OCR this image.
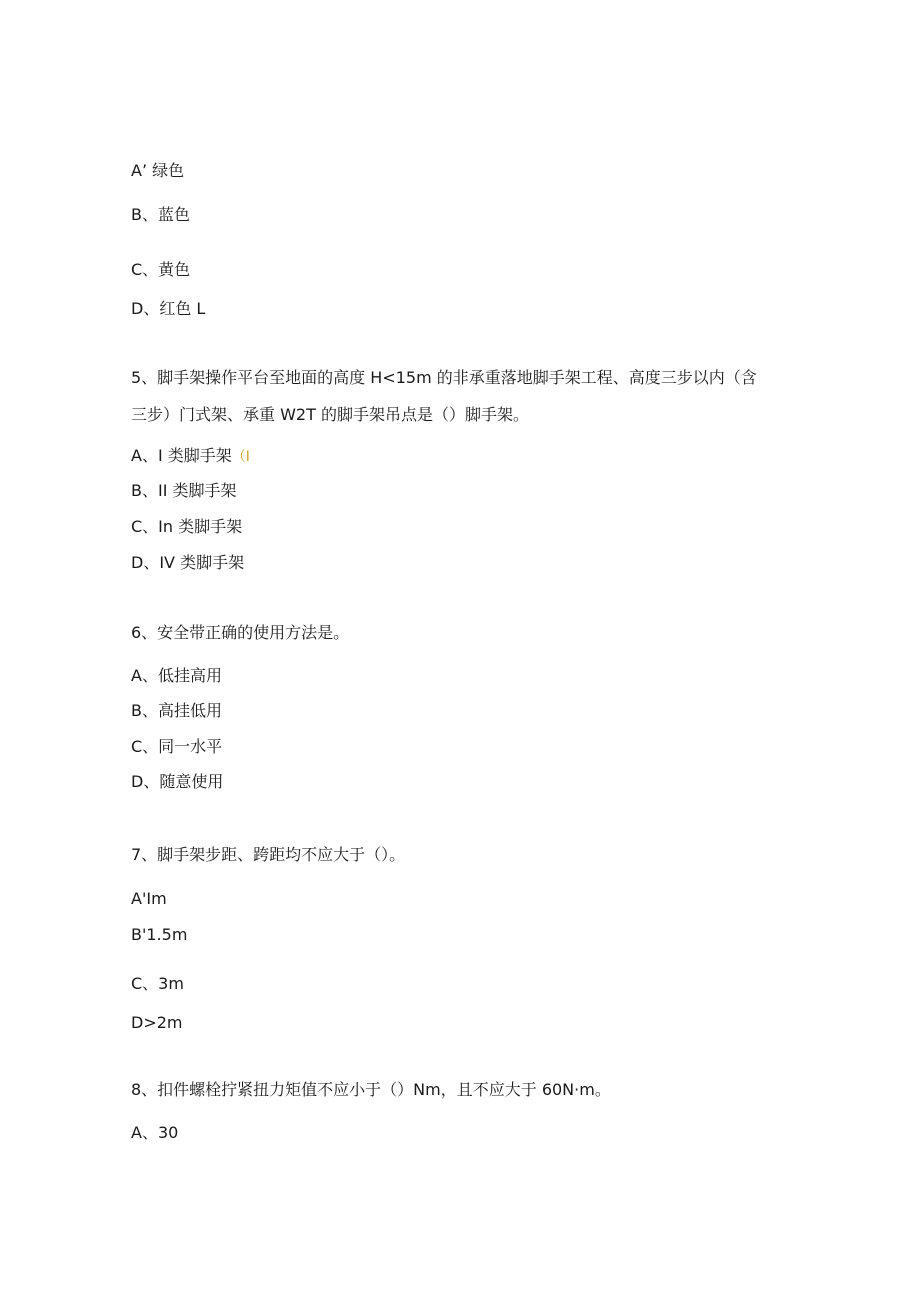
A’ 绿色
B、蓝色
C、黄色
D、红色 L
5、脚手架操作平台至地面的高度 H<15m 的非承重落地脚手架工程、高度三步以内（含
三步）门式架、承重 W2T 的脚手架吊点是（）脚手架。
A、I 类脚手架（I
B、II 类脚手架
C、In 类脚手架
D、IV 类脚手架
6、安全带正确的使用方法是。
A、低挂高用
B、高挂低用
C、同一水平
D、随意使用
7、脚手架步距、跨距均不应大于（）。
A'Im
B'1.5m
C、3m
D>2m
8、扣件螺栓拧紧扭力矩值不应小于（）Nm，且不应大于 60N·m。
A、30
